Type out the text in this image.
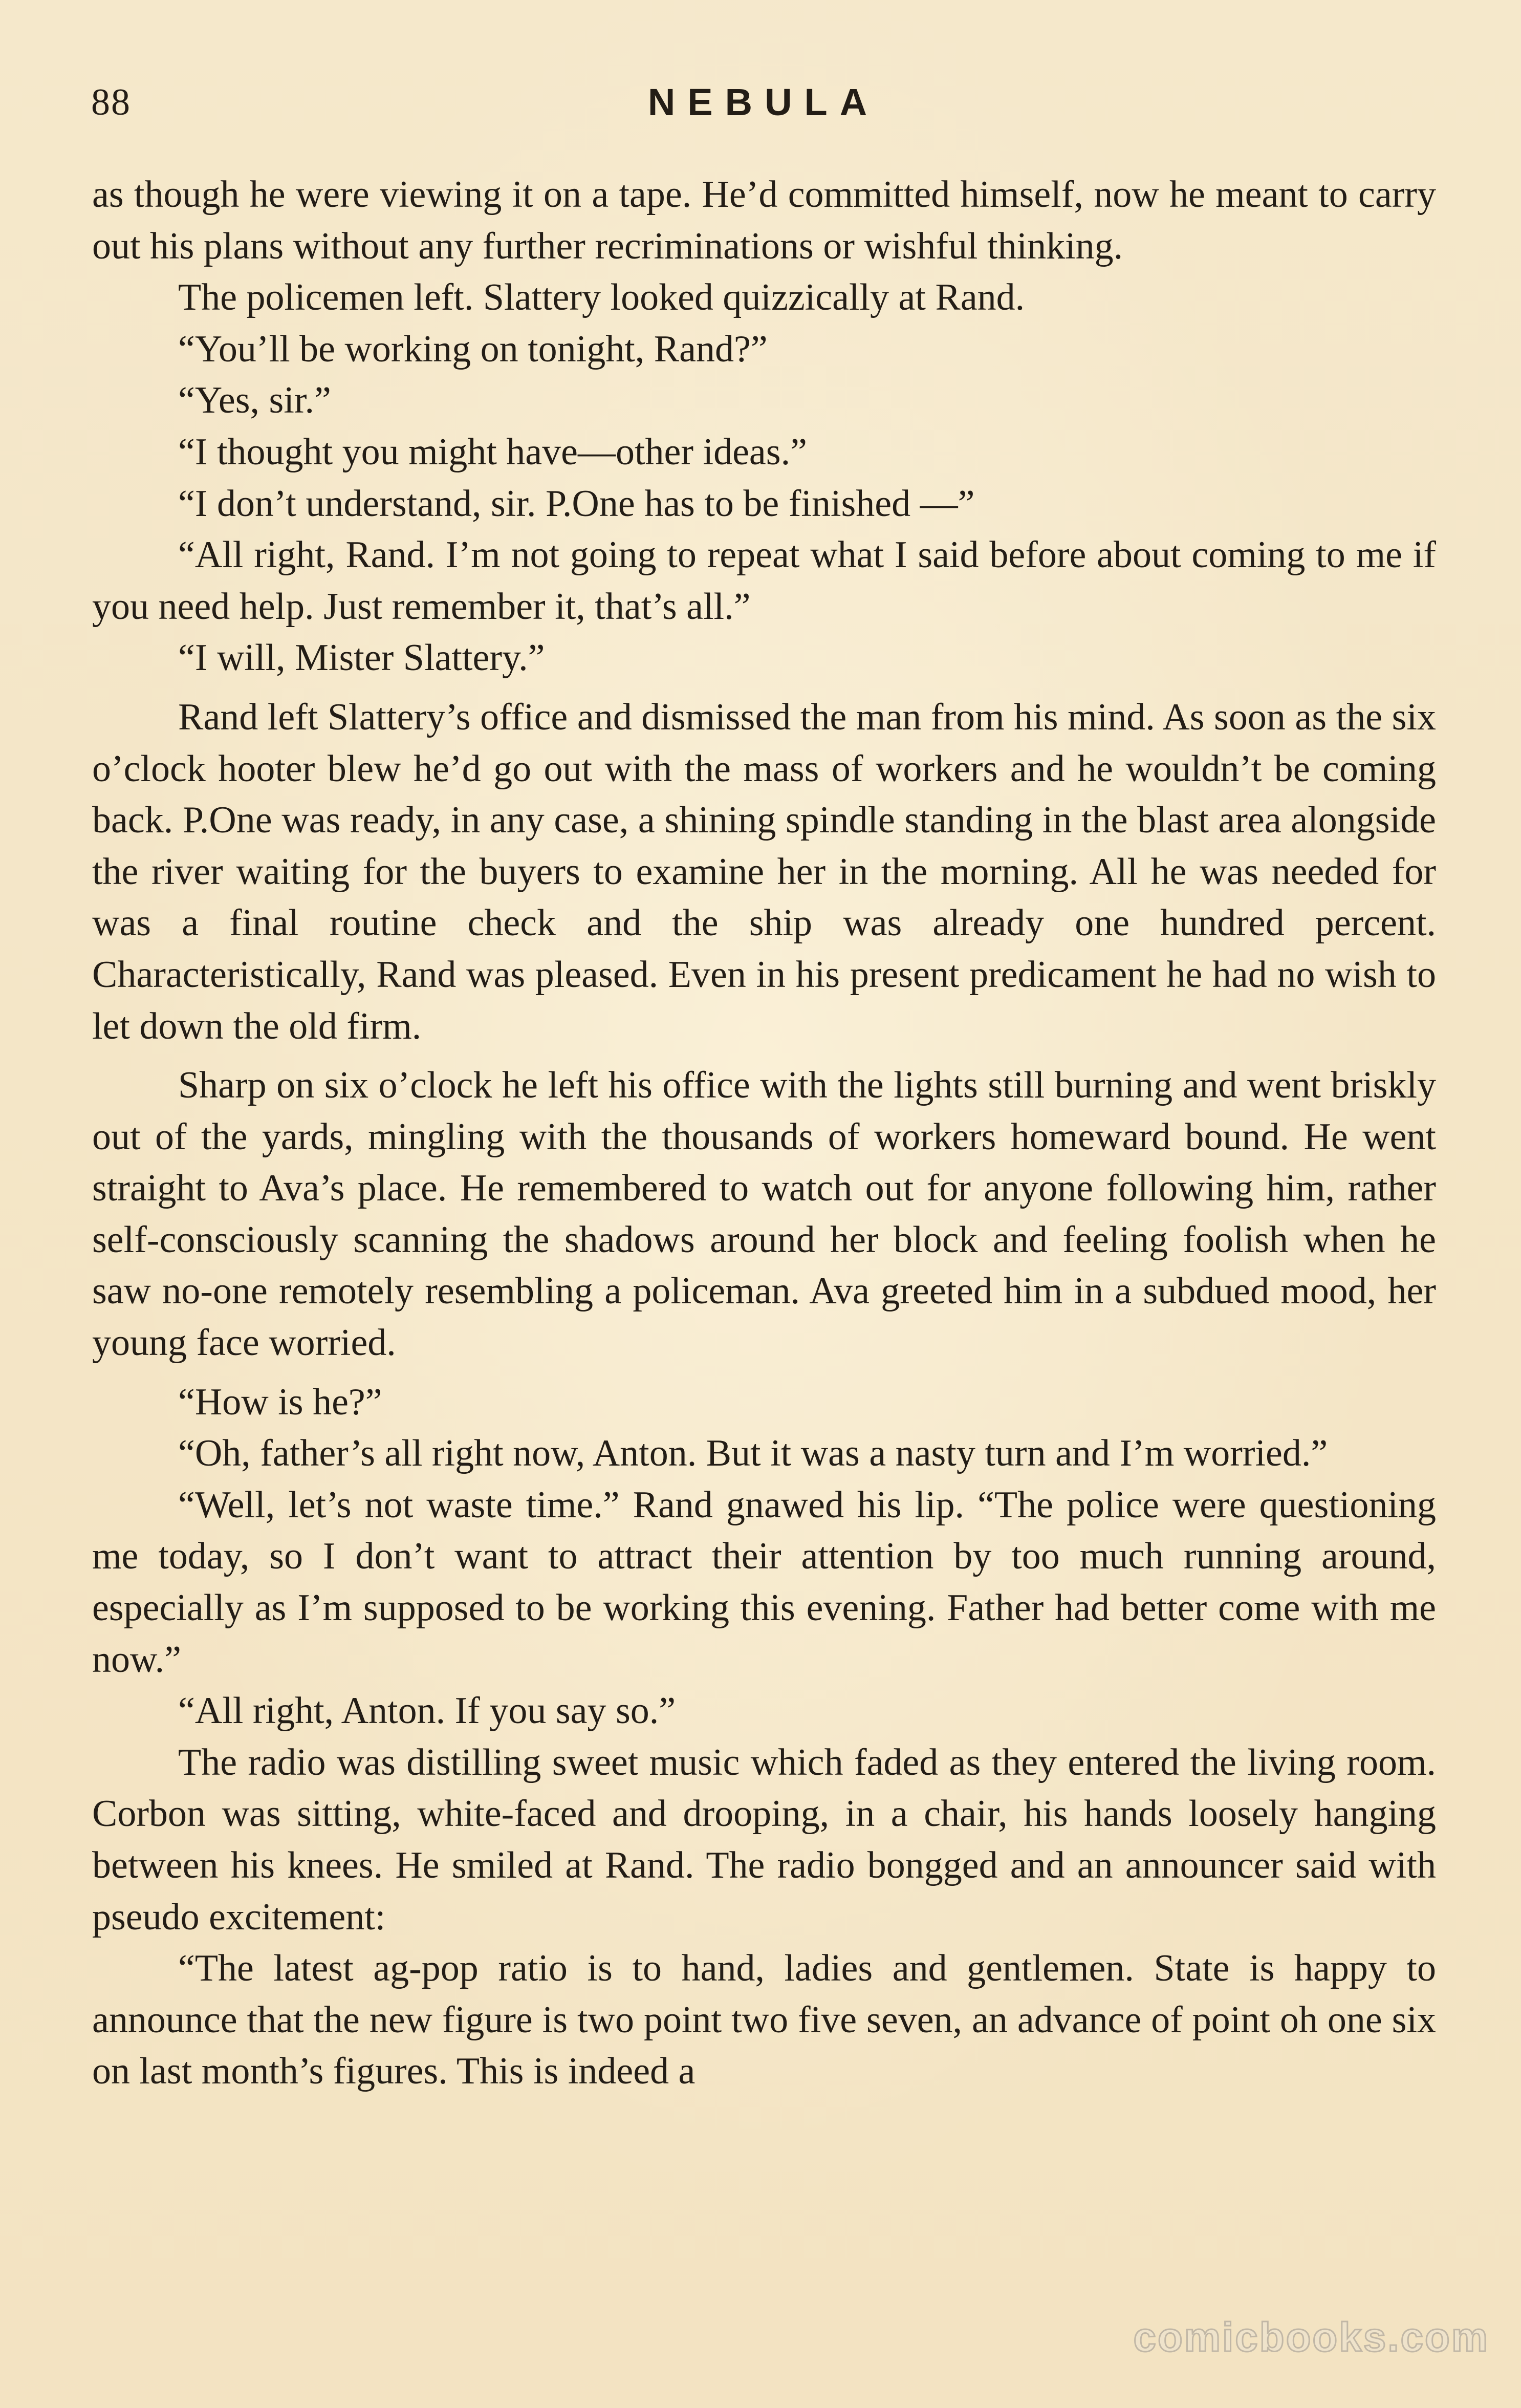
88	NEBULA

as though he were viewing it on a tape. He’d committed himself, now he meant to carry out his plans without any further recriminations or wishful thinking.

The policemen left. Slattery looked quizzically at Rand.

“You’ll be working on tonight, Rand?”

“Yes, sir.”

“I thought you might have—other ideas.”

“I don’t understand, sir. P.One has to be finished —”

“All right, Rand. I’m not going to repeat what I said before about coming to me if you need help. Just remember it, that’s all.”

“I will, Mister Slattery.”

Rand left Slattery’s office and dismissed the man from his mind. As soon as the six o’clock hooter blew he’d go out with the mass of workers and he wouldn’t be coming back. P.One was ready, in any case, a shining spindle standing in the blast area alongside the river waiting for the buyers to examine her in the morning. All he was needed for was a final routine check and the ship was already one hundred percent. Characteristically, Rand was pleased. Even in his present predicament he had no wish to let down the old firm.

Sharp on six o’clock he left his office with the lights still burning and went briskly out of the yards, mingling with the thousands of workers homeward bound. He went straight to Ava’s place. He remembered to watch out for anyone following him, rather self-consciously scanning the shadows around her block and feeling foolish when he saw no-one remotely resembling a policeman. Ava greeted him in a subdued mood, her young face worried.

“How is he?”

“Oh, father’s all right now, Anton. But it was a nasty turn and I’m worried.”

“Well, let’s not waste time.” Rand gnawed his lip. “The police were questioning me today, so I don’t want to attract their attention by too much running around, especially as I’m supposed to be working this evening. Father had better come with me now.”

“All right, Anton. If you say so.”

The radio was distilling sweet music which faded as they entered the living room. Corbon was sitting, white-faced and drooping, in a chair, his hands loosely hanging between his knees. He smiled at Rand. The radio bongged and an announcer said with pseudo excitement:

“The latest ag-pop ratio is to hand, ladies and gentlemen. State is happy to announce that the new figure is two point two five seven, an advance of point oh one six on last month’s figures. This is indeed a

comicbooks.com
